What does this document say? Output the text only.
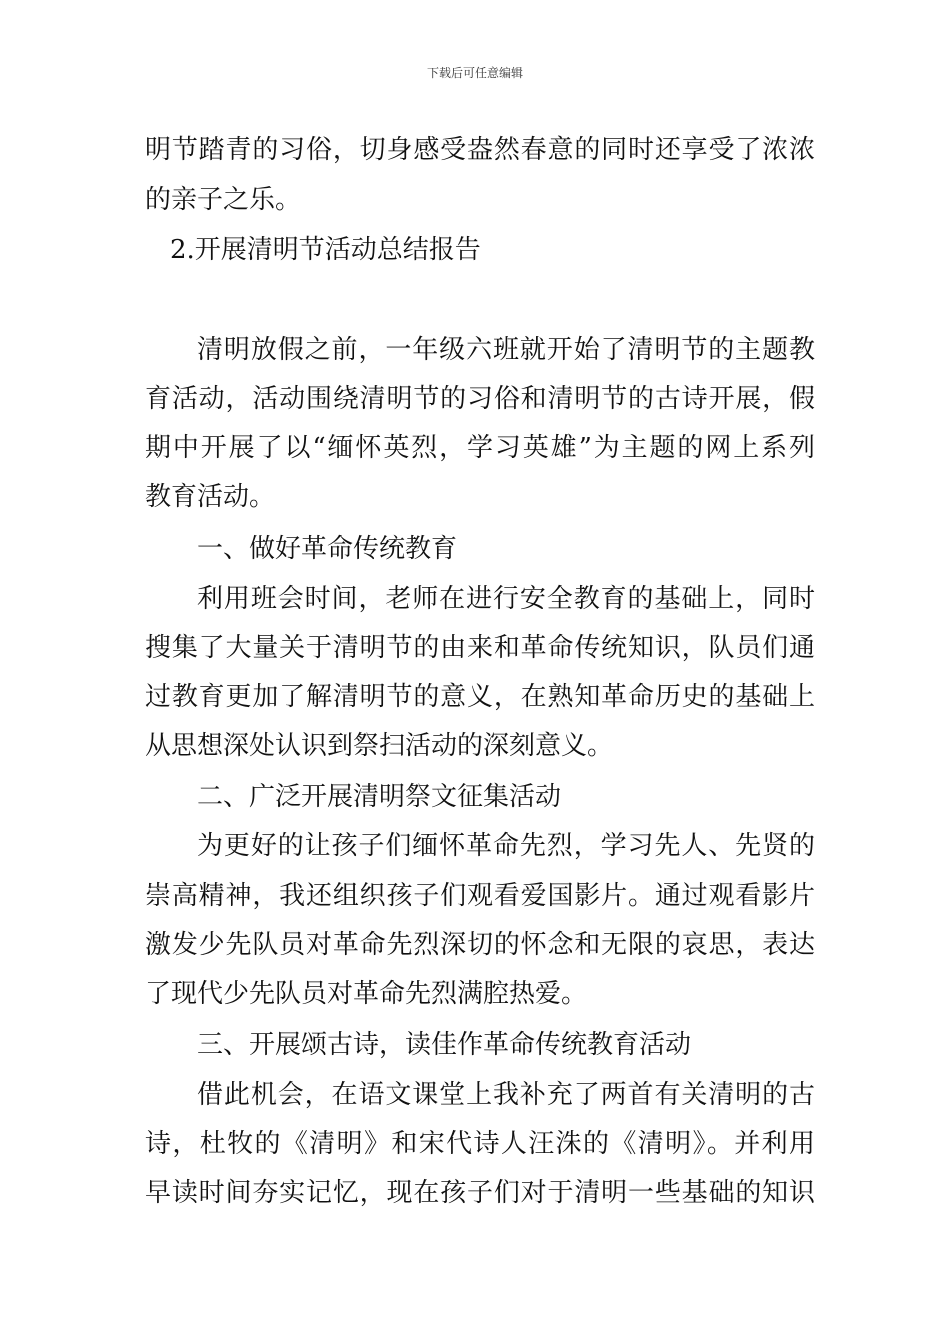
下载后可任意编辑
明节踏青的习俗，切身感受盎然春意的同时还享受了浓浓
的亲子之乐。
2.开展清明节活动总结报告
清明放假之前，一年级六班就开始了清明节的主题教
育活动，活动围绕清明节的习俗和清明节的古诗开展，假
期中开展了以“缅怀英烈，学习英雄”为主题的网上系列
教育活动。
一、做好革命传统教育
利用班会时间，老师在进行安全教育的基础上，同时
搜集了大量关于清明节的由来和革命传统知识，队员们通
过教育更加了解清明节的意义，在熟知革命历史的基础上
从思想深处认识到祭扫活动的深刻意义。
二、广泛开展清明祭文征集活动
为更好的让孩子们缅怀革命先烈，学习先人、先贤的
崇高精神，我还组织孩子们观看爱国影片。通过观看影片
激发少先队员对革命先烈深切的怀念和无限的哀思，表达
了现代少先队员对革命先烈满腔热爱。
三、开展颂古诗，读佳作革命传统教育活动
借此机会，在语文课堂上我补充了两首有关清明的古
诗，杜牧的《清明》和宋代诗人汪洙的《清明》。并利用
早读时间夯实记忆，现在孩子们对于清明一些基础的知识
